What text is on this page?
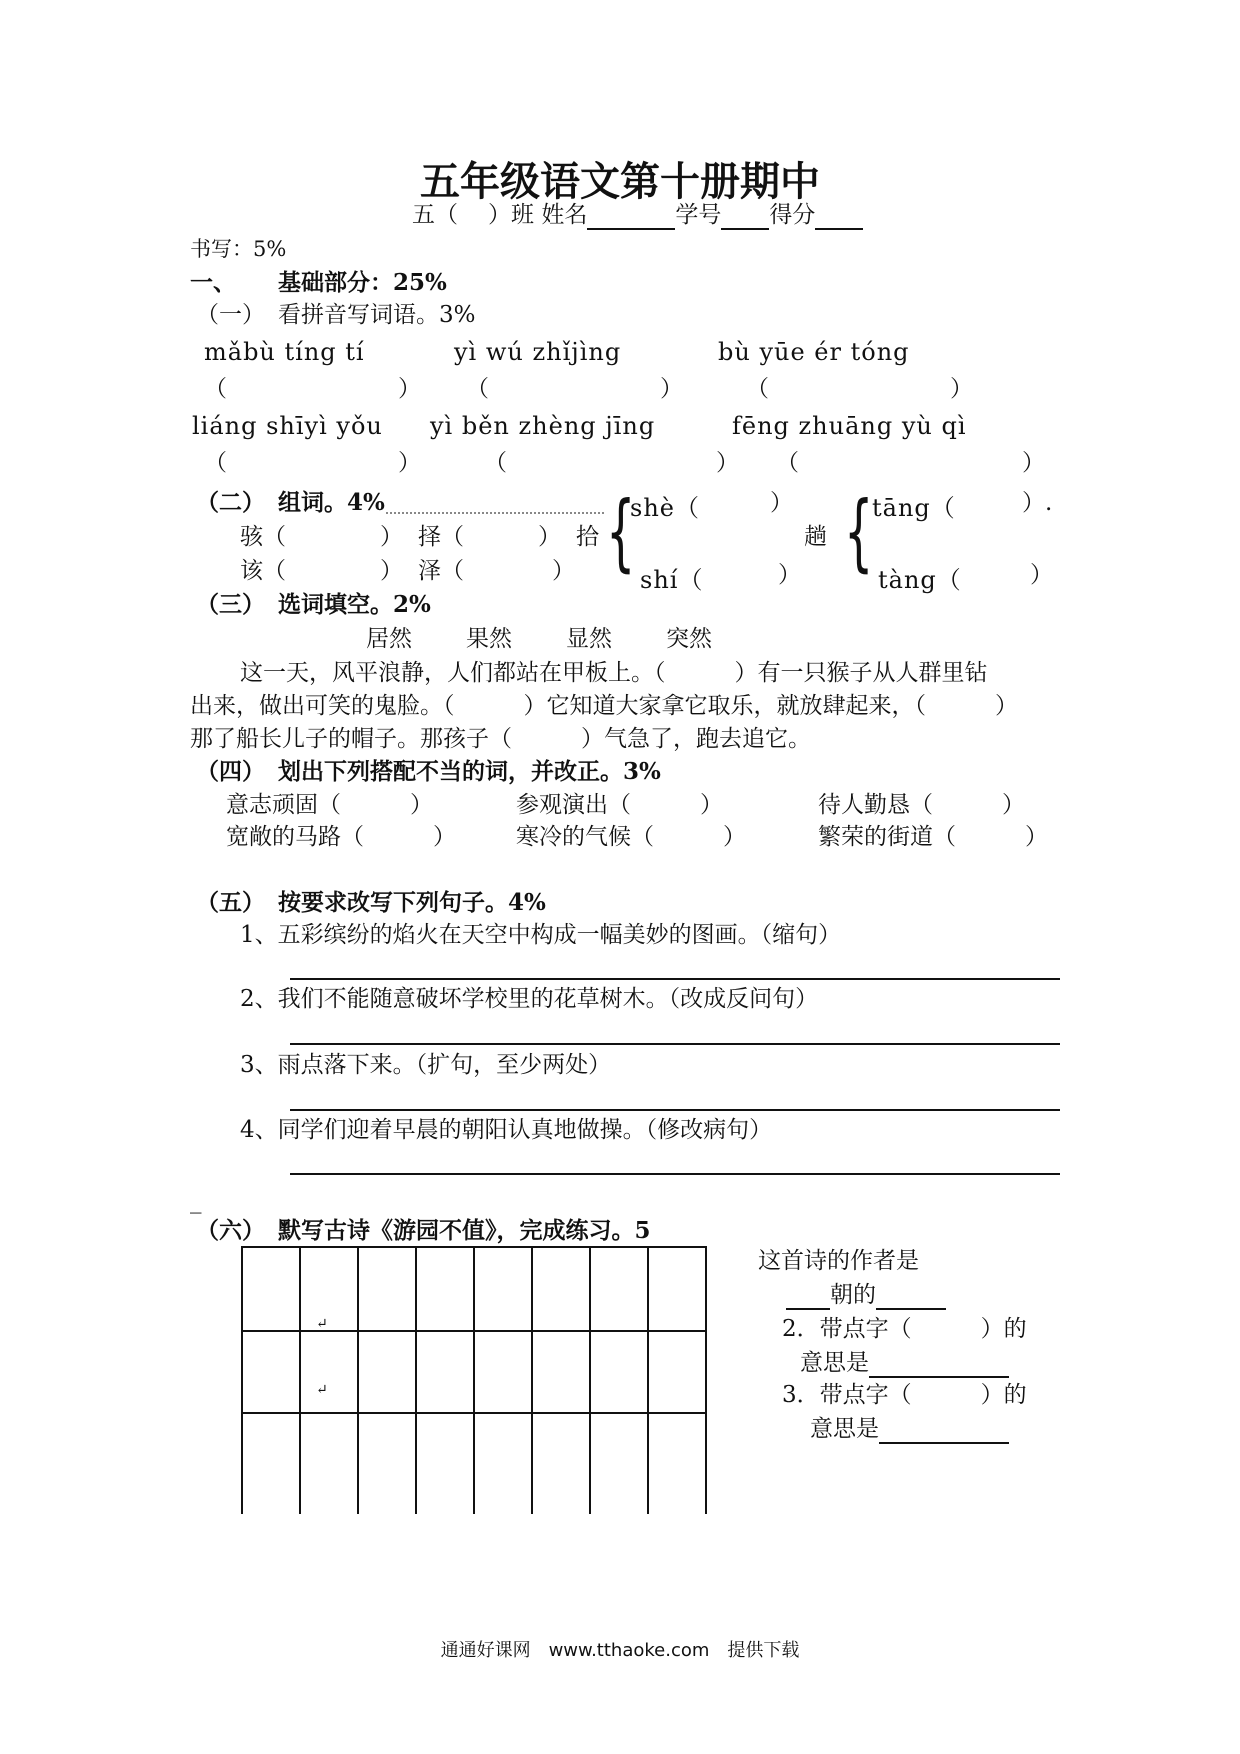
五年级语文第十册期中
五（ ）班 姓名	学号 得分
书写：5%
一、 基础部分：25%
（一） 看拼音写词语。3%
mǎbù tíng tí	yì wú zhǐjìng	bù yūe ér tóng
（	） （	）	（	）
liáng shīyì yǒu yì běn zhèng jīng	fēng zhuāng yù qì
（	）	（	） （	）
（二） 组词。4%
骇（	） 择（	）
该（	） 泽（	）
拾 {
shè（	）
shí（	）
趟 {
tāng（	）.
tàng（	）
（三） 选词填空。2%
居然 果然 显然 突然
这一天，风平浪静，人们都站在甲板上。（　　　）有一只猴子从人群里钻
出来，做出可笑的鬼脸。（　　　）它知道大家拿它取乐，就放肆起来，（　　　）
那了船长儿子的帽子。那孩子（　　　）气急了，跑去追它。
（四） 划出下列搭配不当的词，并改正。3%
意志顽固（　　　）	参观演出（　　　）	待人勤恳（　　　）
宽敞的马路（　　　）	寒冷的气候（　　　）	繁荣的街道（　　　）
（五） 按要求改写下列句子。4%
1、五彩缤纷的焰火在天空中构成一幅美妙的图画。（缩句）
2、我们不能随意破坏学校里的花草树木。（改成反问句）
3、雨点落下来。（扩句，至少两处）
4、同学们迎着早晨的朝阳认真地做操。（修改病句）
_
（六） 默写古诗《游园不值》，完成练习。5
↵
↵
这首诗的作者是
朝的
2．带点字（　　　）的
意思是
3．带点字（　　　）的
意思是
通通好课网　www.tthaoke.com　提供下载
